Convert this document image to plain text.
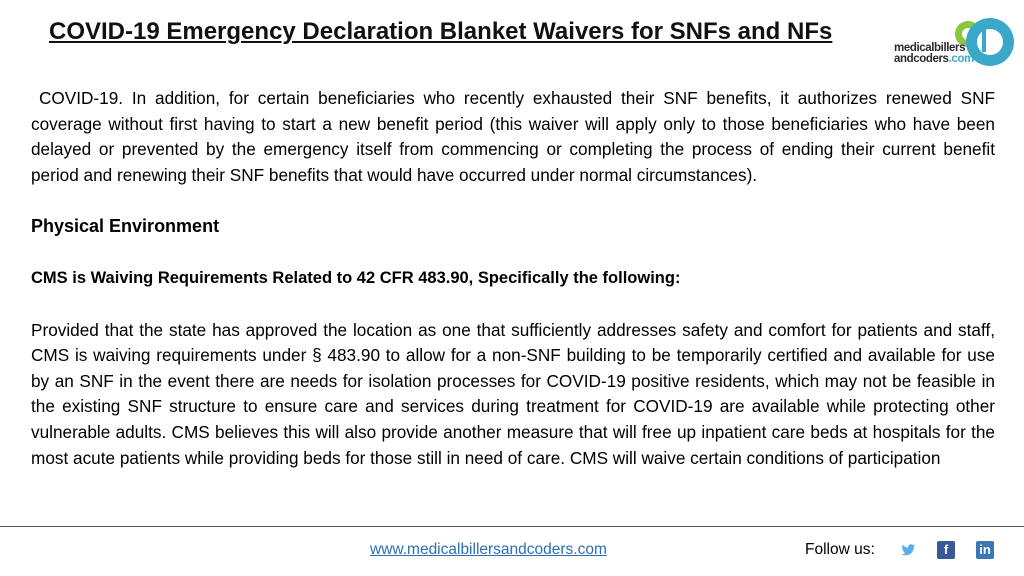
COVID-19 Emergency Declaration Blanket Waivers for SNFs and NFs
medicalbillers
andcoders.com

COVID-19. In addition, for certain beneficiaries who recently exhausted their SNF benefits, it authorizes renewed SNF coverage without first having to start a new benefit period (this waiver will apply only to those beneficiaries who have been delayed or prevented by the emergency itself from commencing or completing the process of ending their current benefit period and renewing their SNF benefits that would have occurred under normal circumstances).

Physical Environment

CMS is Waiving Requirements Related to 42 CFR 483.90, Specifically the following:

Provided that the state has approved the location as one that sufficiently addresses safety and comfort for patients and staff, CMS is waiving requirements under § 483.90 to allow for a non-SNF building to be temporarily certified and available for use by an SNF in the event there are needs for isolation processes for COVID-19 positive residents, which may not be feasible in the existing SNF structure to ensure care and services during treatment for COVID-19 are available while protecting other vulnerable adults. CMS believes this will also provide another measure that will free up inpatient care beds at hospitals for the most acute patients while providing beds for those still in need of care. CMS will waive certain conditions of participation

www.medicalbillersandcoders.com	Follow us:	f	in
